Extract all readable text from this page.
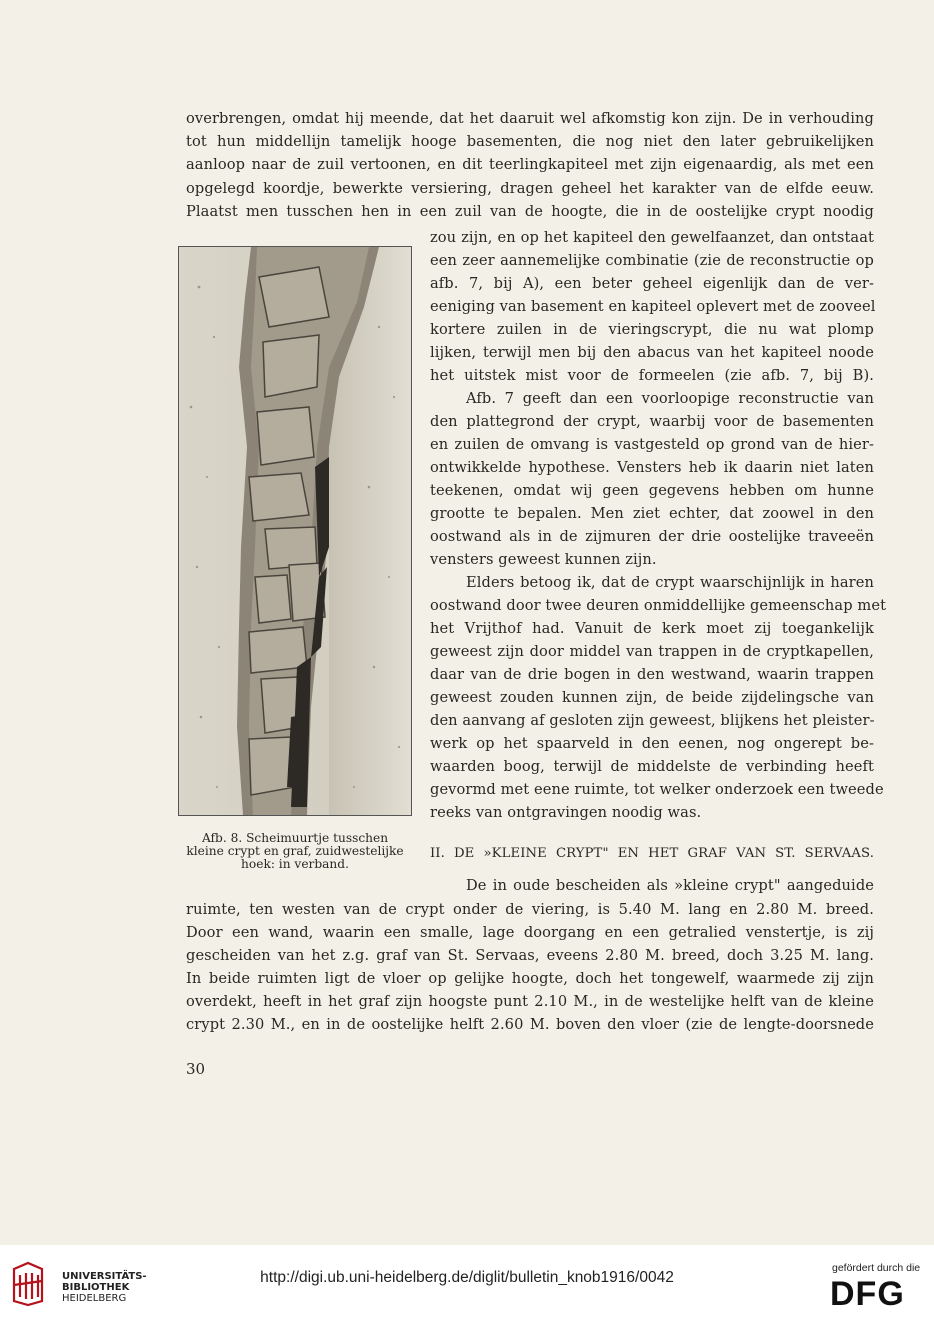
overbrengen, omdat hij meende, dat het daaruit wel afkomstig kon zijn. De in verhouding
tot hun middellijn tamelijk hooge basementen, die nog niet den later gebruikelijken
aanloop naar de zuil vertoonen, en dit teerlingkapiteel met zijn eigenaardig, als met een
opgelegd koordje, bewerkte versiering, dragen geheel het karakter van de elfde eeuw.
Plaatst men tusschen hen in een zuil van de hoogte, die in de oostelijke crypt noodig
zou zijn, en op het kapiteel den gewelfaanzet, dan ontstaat
een zeer aannemelijke combinatie (zie de reconstructie op
afb. 7, bij A), een beter geheel eigenlijk dan de ver-
eeniging van basement en kapiteel oplevert met de zooveel
kortere zuilen in de vieringscrypt, die nu wat plomp
lijken, terwijl men bij den abacus van het kapiteel noode
het uitstek mist voor de formeelen (zie afb. 7, bij B).
Afb. 7 geeft dan een voorloopige reconstructie van
den plattegrond der crypt, waarbij voor de basementen
en zuilen de omvang is vastgesteld op grond van de hier-
ontwikkelde hypothese. Vensters heb ik daarin niet laten
teekenen, omdat wij geen gegevens hebben om hunne
grootte te bepalen. Men ziet echter, dat zoowel in den
oostwand als in de zijmuren der drie oostelijke traveeën
vensters geweest kunnen zijn.
Elders betoog ik, dat de crypt waarschijnlijk in haren
oostwand door twee deuren onmiddellijke gemeenschap met
het Vrijthof had. Vanuit de kerk moet zij toegankelijk
geweest zijn door middel van trappen in de cryptkapellen,
daar van de drie bogen in den westwand, waarin trappen
geweest zouden kunnen zijn, de beide zijdelingsche van
den aanvang af gesloten zijn geweest, blijkens het pleister-
werk op het spaarveld in den eenen, nog ongerept be-
waarden boog, terwijl de middelste de verbinding heeft
gevormd met eene ruimte, tot welker onderzoek een tweede
reeks van ontgravingen noodig was.
Afb. 8. Scheimuurtje tusschen
kleine crypt en graf, zuidwestelijke
hoek: in verband.
II. DE »KLEINE CRYPT" EN HET GRAF VAN ST. SERVAAS.
De in oude bescheiden als »kleine crypt" aangeduide
ruimte, ten westen van de crypt onder de viering, is 5.40 M. lang en 2.80 M. breed.
Door een wand, waarin een smalle, lage doorgang en een getralied venstertje, is zij
gescheiden van het z.g. graf van St. Servaas, eveens 2.80 M. breed, doch 3.25 M. lang.
In beide ruimten ligt de vloer op gelijke hoogte, doch het tongewelf, waarmede zij zijn
overdekt, heeft in het graf zijn hoogste punt 2.10 M., in de westelijke helft van de kleine
crypt 2.30 M., en in de oostelijke helft 2.60 M. boven den vloer (zie de lengte-doorsnede
30
UNIVERSITÄTS-
BIBLIOTHEK
HEIDELBERG
http://digi.ub.uni-heidelberg.de/diglit/bulletin_knob1916/0042
gefördert durch die
DFG
